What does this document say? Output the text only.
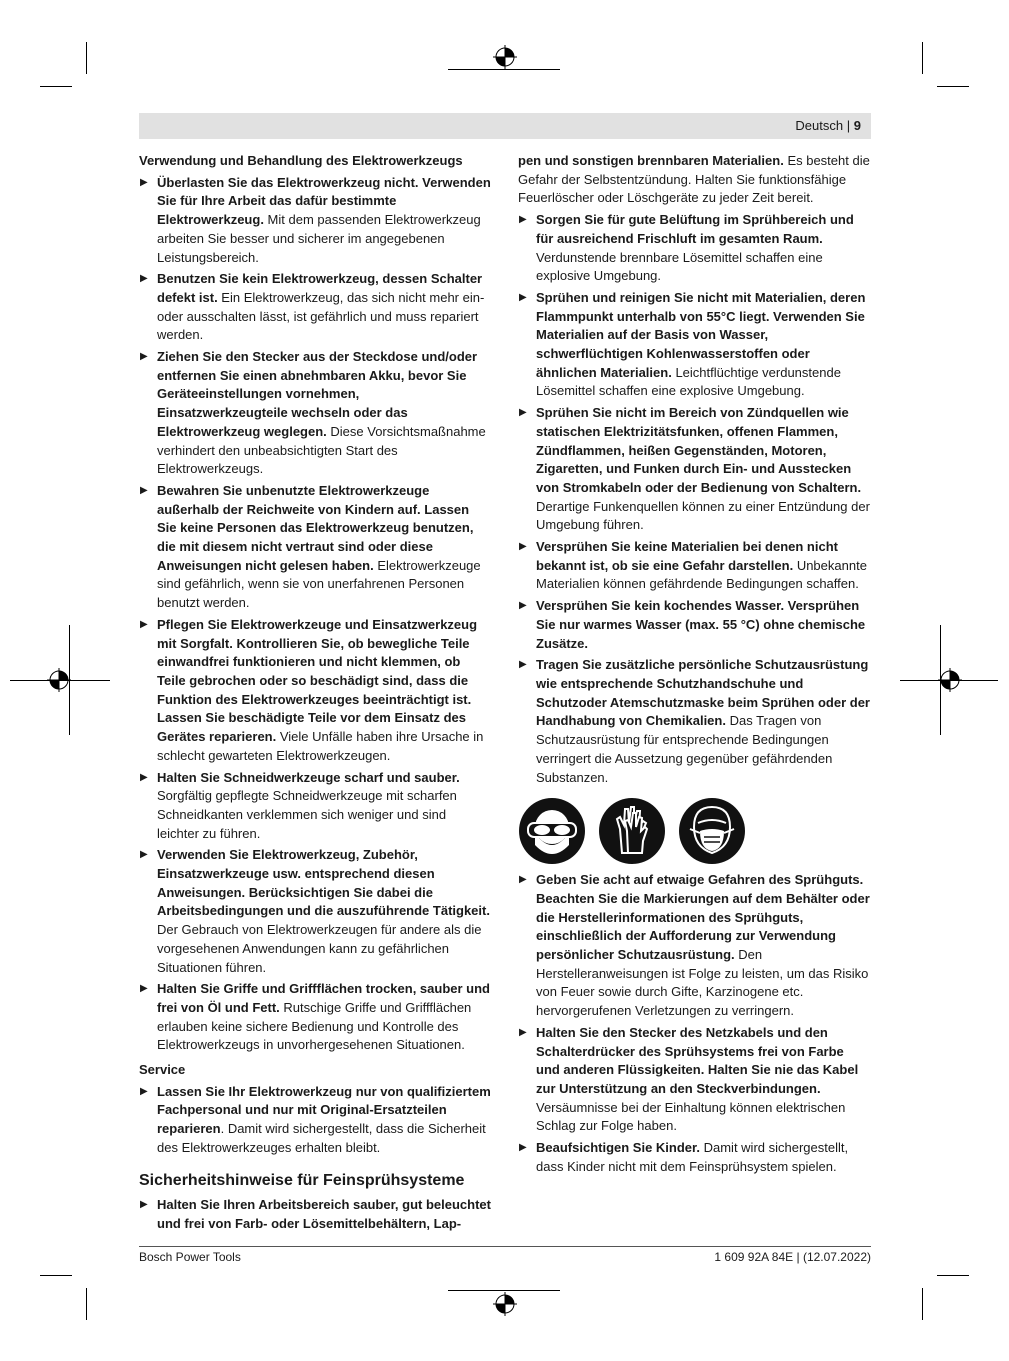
Deutsch | 9
Verwendung und Behandlung des Elektrowerkzeugs
▶ Überlasten Sie das Elektrowerkzeug nicht. Verwenden Sie für Ihre Arbeit das dafür bestimmte Elektrowerkzeug. Mit dem passenden Elektrowerkzeug arbeiten Sie besser und sicherer im angegebenen Leistungsbereich.
▶ Benutzen Sie kein Elektrowerkzeug, dessen Schalter defekt ist. Ein Elektrowerkzeug, das sich nicht mehr ein- oder ausschalten lässt, ist gefährlich und muss repariert werden.
▶ Ziehen Sie den Stecker aus der Steckdose und/oder entfernen Sie einen abnehmbaren Akku, bevor Sie Geräteeinstellungen vornehmen, Einsatzwerkzeugteile wechseln oder das Elektrowerkzeug weglegen. Diese Vorsichtsmaßnahme verhindert den unbeabsichtigten Start des Elektrowerkzeugs.
▶ Bewahren Sie unbenutzte Elektrowerkzeuge außerhalb der Reichweite von Kindern auf. Lassen Sie keine Personen das Elektrowerkzeug benutzen, die mit diesem nicht vertraut sind oder diese Anweisungen nicht gelesen haben. Elektrowerkzeuge sind gefährlich, wenn sie von unerfahrenen Personen benutzt werden.
▶ Pflegen Sie Elektrowerkzeuge und Einsatzwerkzeug mit Sorgfalt. Kontrollieren Sie, ob bewegliche Teile einwandfrei funktionieren und nicht klemmen, ob Teile gebrochen oder so beschädigt sind, dass die Funktion des Elektrowerkzeuges beeinträchtigt ist. Lassen Sie beschädigte Teile vor dem Einsatz des Gerätes reparieren. Viele Unfälle haben ihre Ursache in schlecht gewarteten Elektrowerkzeugen.
▶ Halten Sie Schneidwerkzeuge scharf und sauber. Sorgfältig gepflegte Schneidwerkzeuge mit scharfen Schneidkanten verklemmen sich weniger und sind leichter zu führen.
▶ Verwenden Sie Elektrowerkzeug, Zubehör, Einsatzwerkzeuge usw. entsprechend diesen Anweisungen. Berücksichtigen Sie dabei die Arbeitsbedingungen und die auszuführende Tätigkeit. Der Gebrauch von Elektrowerkzeugen für andere als die vorgesehenen Anwendungen kann zu gefährlichen Situationen führen.
▶ Halten Sie Griffe und Griffflächen trocken, sauber und frei von Öl und Fett. Rutschige Griffe und Griffflächen erlauben keine sichere Bedienung und Kontrolle des Elektrowerkzeugs in unvorhergesehenen Situationen.
Service
▶ Lassen Sie Ihr Elektrowerkzeug nur von qualifiziertem Fachpersonal und nur mit Original-Ersatzteilen reparieren. Damit wird sichergestellt, dass die Sicherheit des Elektrowerkzeuges erhalten bleibt.
Sicherheitshinweise für Feinsprühsysteme
▶ Halten Sie Ihren Arbeitsbereich sauber, gut beleuchtet und frei von Farb- oder Lösemittelbehältern, Lap-
pen und sonstigen brennbaren Materialien. Es besteht die Gefahr der Selbstentzündung. Halten Sie funktionsfähige Feuerlöscher oder Löschgeräte zu jeder Zeit bereit.
▶ Sorgen Sie für gute Belüftung im Sprühbereich und für ausreichend Frischluft im gesamten Raum. Verdunstende brennbare Lösemittel schaffen eine explosive Umgebung.
▶ Sprühen und reinigen Sie nicht mit Materialien, deren Flammpunkt unterhalb von 55°C liegt. Verwenden Sie Materialien auf der Basis von Wasser, schwerflüchtigen Kohlenwasserstoffen oder ähnlichen Materialien. Leichtflüchtige verdunstende Lösemittel schaffen eine explosive Umgebung.
▶ Sprühen Sie nicht im Bereich von Zündquellen wie statischen Elektrizitätsfunken, offenen Flammen, Zündflammen, heißen Gegenständen, Motoren, Zigaretten, und Funken durch Ein- und Ausstecken von Stromkabeln oder der Bedienung von Schaltern. Derartige Funkenquellen können zu einer Entzündung der Umgebung führen.
▶ Versprühen Sie keine Materialien bei denen nicht bekannt ist, ob sie eine Gefahr darstellen. Unbekannte Materialien können gefährdende Bedingungen schaffen.
▶ Versprühen Sie kein kochendes Wasser. Versprühen Sie nur warmes Wasser (max. 55 °C) ohne chemische Zusätze.
▶ Tragen Sie zusätzliche persönliche Schutzausrüstung wie entsprechende Schutzhandschuhe und Schutzoder Atemschutzmaske beim Sprühen oder der Handhabung von Chemikalien. Das Tragen von Schutzausrüstung für entsprechende Bedingungen verringert die Aussetzung gegenüber gefährdenden Substanzen.
▶ Geben Sie acht auf etwaige Gefahren des Sprühguts. Beachten Sie die Markierungen auf dem Behälter oder die Herstellerinformationen des Sprühguts, einschließlich der Aufforderung zur Verwendung persönlicher Schutzausrüstung. Den Herstelleranweisungen ist Folge zu leisten, um das Risiko von Feuer sowie durch Gifte, Karzinogene etc. hervorgerufenen Verletzungen zu verringern.
▶ Halten Sie den Stecker des Netzkabels und den Schalterdrücker des Sprühsystems frei von Farbe und anderen Flüssigkeiten. Halten Sie nie das Kabel zur Unterstützung an den Steckverbindungen. Versäumnisse bei der Einhaltung können elektrischen Schlag zur Folge haben.
▶ Beaufsichtigen Sie Kinder. Damit wird sichergestellt, dass Kinder nicht mit dem Feinsprühsystem spielen.
Bosch Power Tools	1 609 92A 84E | (12.07.2022)
